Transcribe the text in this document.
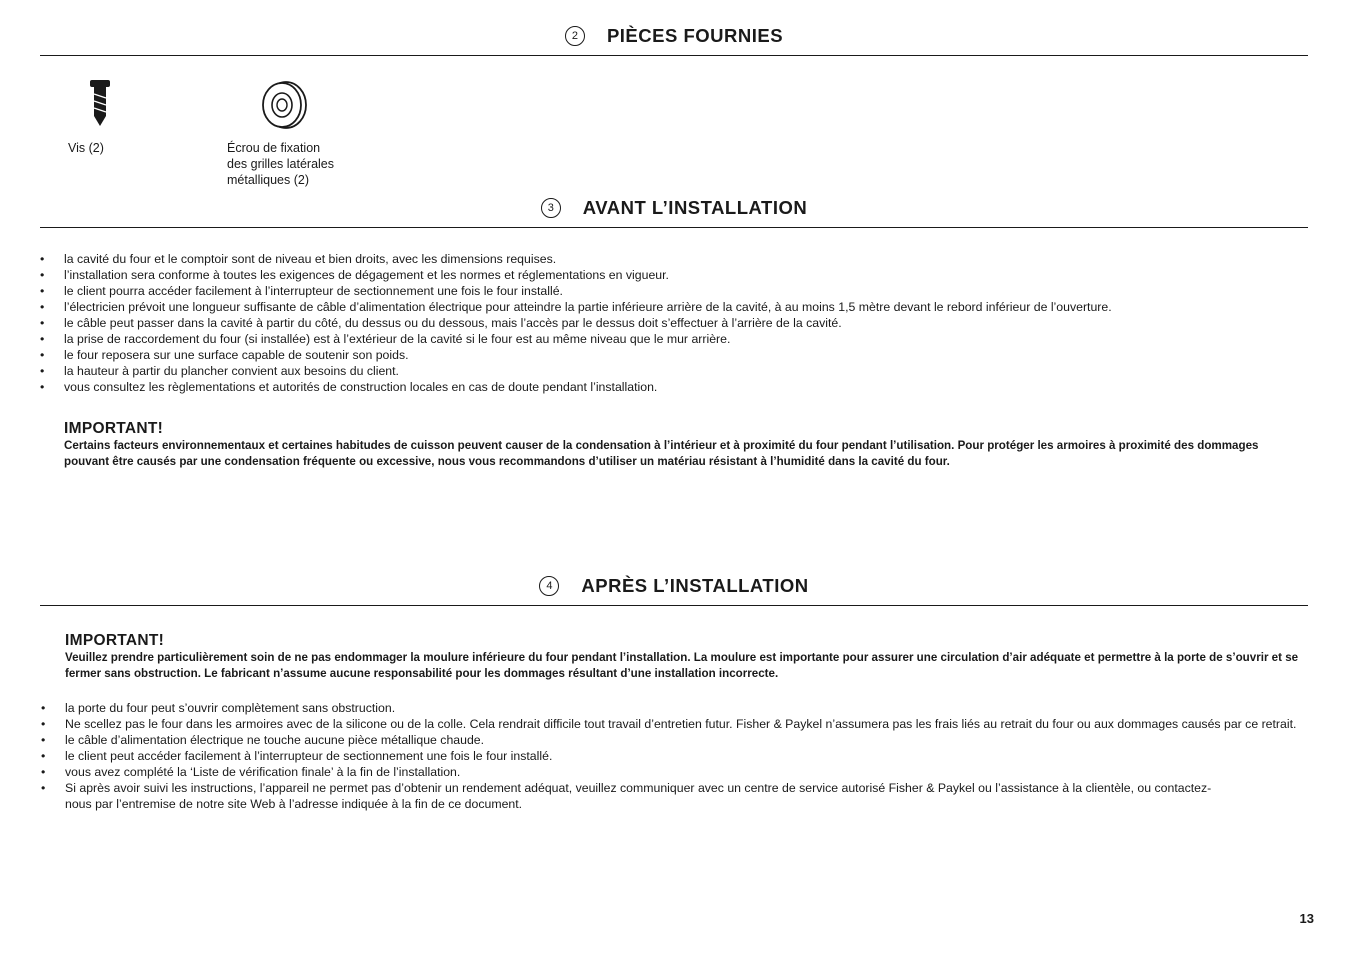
2	PIÈCES FOURNIES
Vis (2)	Écrou de fixation
des grilles latérales
métalliques (2)
3	AVANT L’INSTALLATION
• la cavité du four et le comptoir sont de niveau et bien droits, avec les dimensions requises.
• l’installation sera conforme à toutes les exigences de dégagement et les normes et réglementations en vigueur.
• le client pourra accéder facilement à l’interrupteur de sectionnement une fois le four installé.
• l’électricien prévoit une longueur suffisante de câble d’alimentation électrique pour atteindre la partie inférieure arrière de la cavité, à au moins 1,5 mètre devant le rebord inférieur de l’ouverture.
• le câble peut passer dans la cavité à partir du côté, du dessus ou du dessous, mais l’accès par le dessus doit s’effectuer à l’arrière de la cavité.
• la prise de raccordement du four (si installée) est à l’extérieur de la cavité si le four est au même niveau que le mur arrière.
• le four reposera sur une surface capable de soutenir son poids.
• la hauteur à partir du plancher convient aux besoins du client.
• vous consultez les règlementations et autorités de construction locales en cas de doute pendant l’installation.
IMPORTANT!
Certains facteurs environnementaux et certaines habitudes de cuisson peuvent causer de la condensation à l’intérieur et à proximité du four pendant l’utilisation. Pour protéger les armoires à proximité des dommages pouvant être causés par une condensation fréquente ou excessive, nous vous recommandons d’utiliser un matériau résistant à l’humidité dans la cavité du four.
4	APRÈS L’INSTALLATION
IMPORTANT!
Veuillez prendre particulièrement soin de ne pas endommager la moulure inférieure du four pendant l’installation. La moulure est importante pour assurer une circulation d’air adéquate et permettre à la porte de s’ouvrir et se fermer sans obstruction. Le fabricant n’assume aucune responsabilité pour les dommages résultant d’une installation incorrecte.
• la porte du four peut s’ouvrir complètement sans obstruction.
• Ne scellez pas le four dans les armoires avec de la silicone ou de la colle. Cela rendrait difficile tout travail d’entretien futur. Fisher & Paykel n’assumera pas les frais liés au retrait du four ou aux dommages causés par ce retrait.
• le câble d’alimentation électrique ne touche aucune pièce métallique chaude.
• le client peut accéder facilement à l’interrupteur de sectionnement une fois le four installé.
• vous avez complété la ‘Liste de vérification finale’ à la fin de l’installation.
• Si après avoir suivi les instructions, l’appareil ne permet pas d’obtenir un rendement adéquat, veuillez communiquer avec un centre de service autorisé Fisher & Paykel ou l’assistance à la clientèle, ou contactez-nous par l’entremise de notre site Web à l’adresse indiquée à la fin de ce document.
13
